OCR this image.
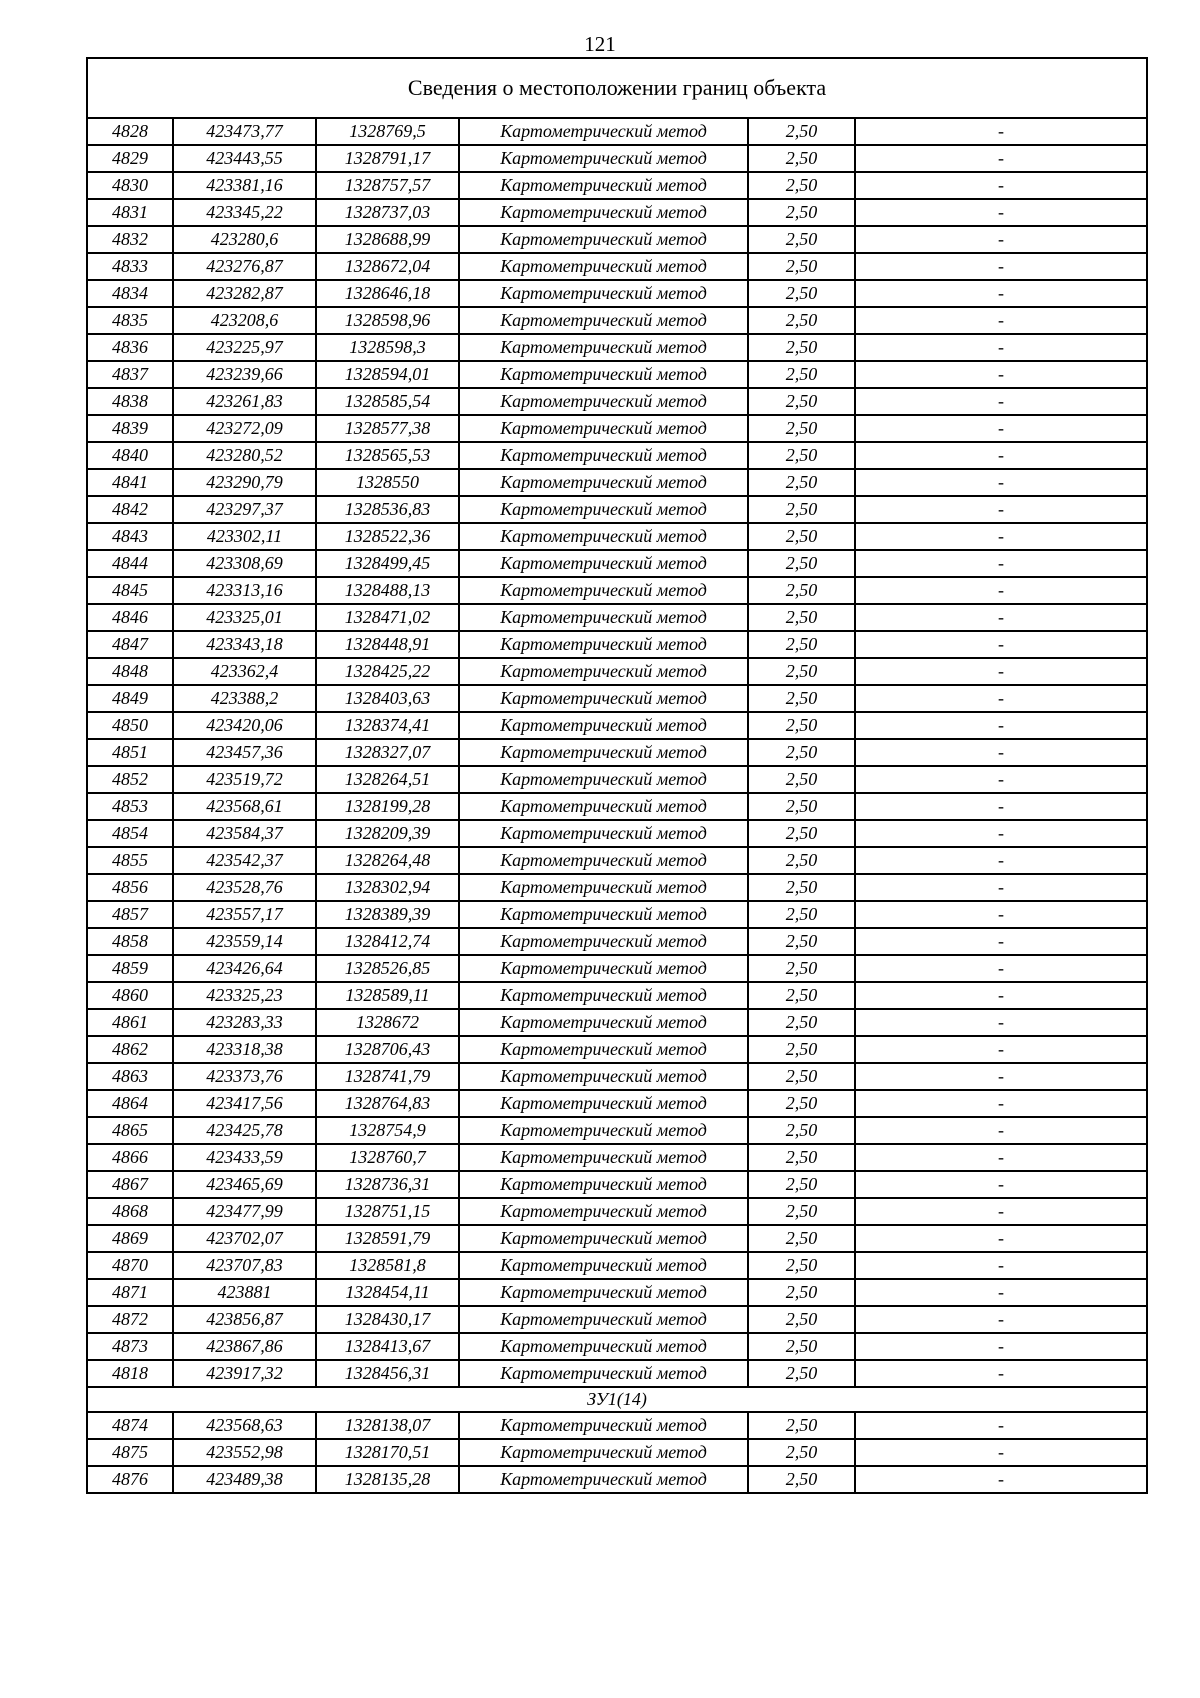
121
Сведения о местоположении границ объекта					
4828	423473,77	1328769,5	Картометрический метод	2,50	-
4829	423443,55	1328791,17	Картометрический метод	2,50	-
4830	423381,16	1328757,57	Картометрический метод	2,50	-
4831	423345,22	1328737,03	Картометрический метод	2,50	-
4832	423280,6	1328688,99	Картометрический метод	2,50	-
4833	423276,87	1328672,04	Картометрический метод	2,50	-
4834	423282,87	1328646,18	Картометрический метод	2,50	-
4835	423208,6	1328598,96	Картометрический метод	2,50	-
4836	423225,97	1328598,3	Картометрический метод	2,50	-
4837	423239,66	1328594,01	Картометрический метод	2,50	-
4838	423261,83	1328585,54	Картометрический метод	2,50	-
4839	423272,09	1328577,38	Картометрический метод	2,50	-
4840	423280,52	1328565,53	Картометрический метод	2,50	-
4841	423290,79	1328550	Картометрический метод	2,50	-
4842	423297,37	1328536,83	Картометрический метод	2,50	-
4843	423302,11	1328522,36	Картометрический метод	2,50	-
4844	423308,69	1328499,45	Картометрический метод	2,50	-
4845	423313,16	1328488,13	Картометрический метод	2,50	-
4846	423325,01	1328471,02	Картометрический метод	2,50	-
4847	423343,18	1328448,91	Картометрический метод	2,50	-
4848	423362,4	1328425,22	Картометрический метод	2,50	-
4849	423388,2	1328403,63	Картометрический метод	2,50	-
4850	423420,06	1328374,41	Картометрический метод	2,50	-
4851	423457,36	1328327,07	Картометрический метод	2,50	-
4852	423519,72	1328264,51	Картометрический метод	2,50	-
4853	423568,61	1328199,28	Картометрический метод	2,50	-
4854	423584,37	1328209,39	Картометрический метод	2,50	-
4855	423542,37	1328264,48	Картометрический метод	2,50	-
4856	423528,76	1328302,94	Картометрический метод	2,50	-
4857	423557,17	1328389,39	Картометрический метод	2,50	-
4858	423559,14	1328412,74	Картометрический метод	2,50	-
4859	423426,64	1328526,85	Картометрический метод	2,50	-
4860	423325,23	1328589,11	Картометрический метод	2,50	-
4861	423283,33	1328672	Картометрический метод	2,50	-
4862	423318,38	1328706,43	Картометрический метод	2,50	-
4863	423373,76	1328741,79	Картометрический метод	2,50	-
4864	423417,56	1328764,83	Картометрический метод	2,50	-
4865	423425,78	1328754,9	Картометрический метод	2,50	-
4866	423433,59	1328760,7	Картометрический метод	2,50	-
4867	423465,69	1328736,31	Картометрический метод	2,50	-
4868	423477,99	1328751,15	Картометрический метод	2,50	-
4869	423702,07	1328591,79	Картометрический метод	2,50	-
4870	423707,83	1328581,8	Картометрический метод	2,50	-
4871	423881	1328454,11	Картометрический метод	2,50	-
4872	423856,87	1328430,17	Картометрический метод	2,50	-
4873	423867,86	1328413,67	Картометрический метод	2,50	-
4818	423917,32	1328456,31	Картометрический метод	2,50	-
ЗУ1(14)					
4874	423568,63	1328138,07	Картометрический метод	2,50	-
4875	423552,98	1328170,51	Картометрический метод	2,50	-
4876	423489,38	1328135,28	Картометрический метод	2,50	-
